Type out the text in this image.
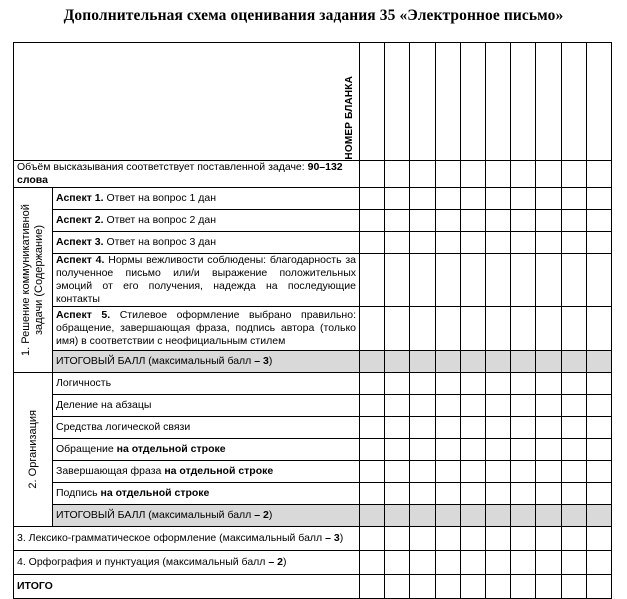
Дополнительная схема оценивания задания 35 «Электронное письмо»
НОМЕР БЛАНКА											

Объём высказывания соответствует поставленной задаче: 90–132 слова											

1. Решение коммуникативной задачи (Содержание)	Аспект 1. Ответ на вопрос 1 дан										
	Аспект 2. Ответ на вопрос 2 дан										
	Аспект 3. Ответ на вопрос 3 дан										
	Аспект 4. Нормы вежливости соблюдены: благодарность за полученное письмо или/и выражение положительных эмоций от его получения, надежда на последующие контакты										
	Аспект 5. Стилевое оформление выбрано правильно: обращение, завершающая фраза, подпись автора (только имя) в соответствии с неофициальным стилем										
	ИТОГОВЫЙ БАЛЛ (максимальный балл – 3)										

2. Организация	Логичность										
	Деление на абзацы										
	Средства логической связи										
	Обращение на отдельной строке										
	Завершающая фраза на отдельной строке										
	Подпись на отдельной строке										
	ИТОГОВЫЙ БАЛЛ (максимальный балл – 2)										
3. Лексико-грамматическое оформление (максимальный балл – 3)											
4. Орфография и пунктуация (максимальный балл – 2)											
ИТОГО											
